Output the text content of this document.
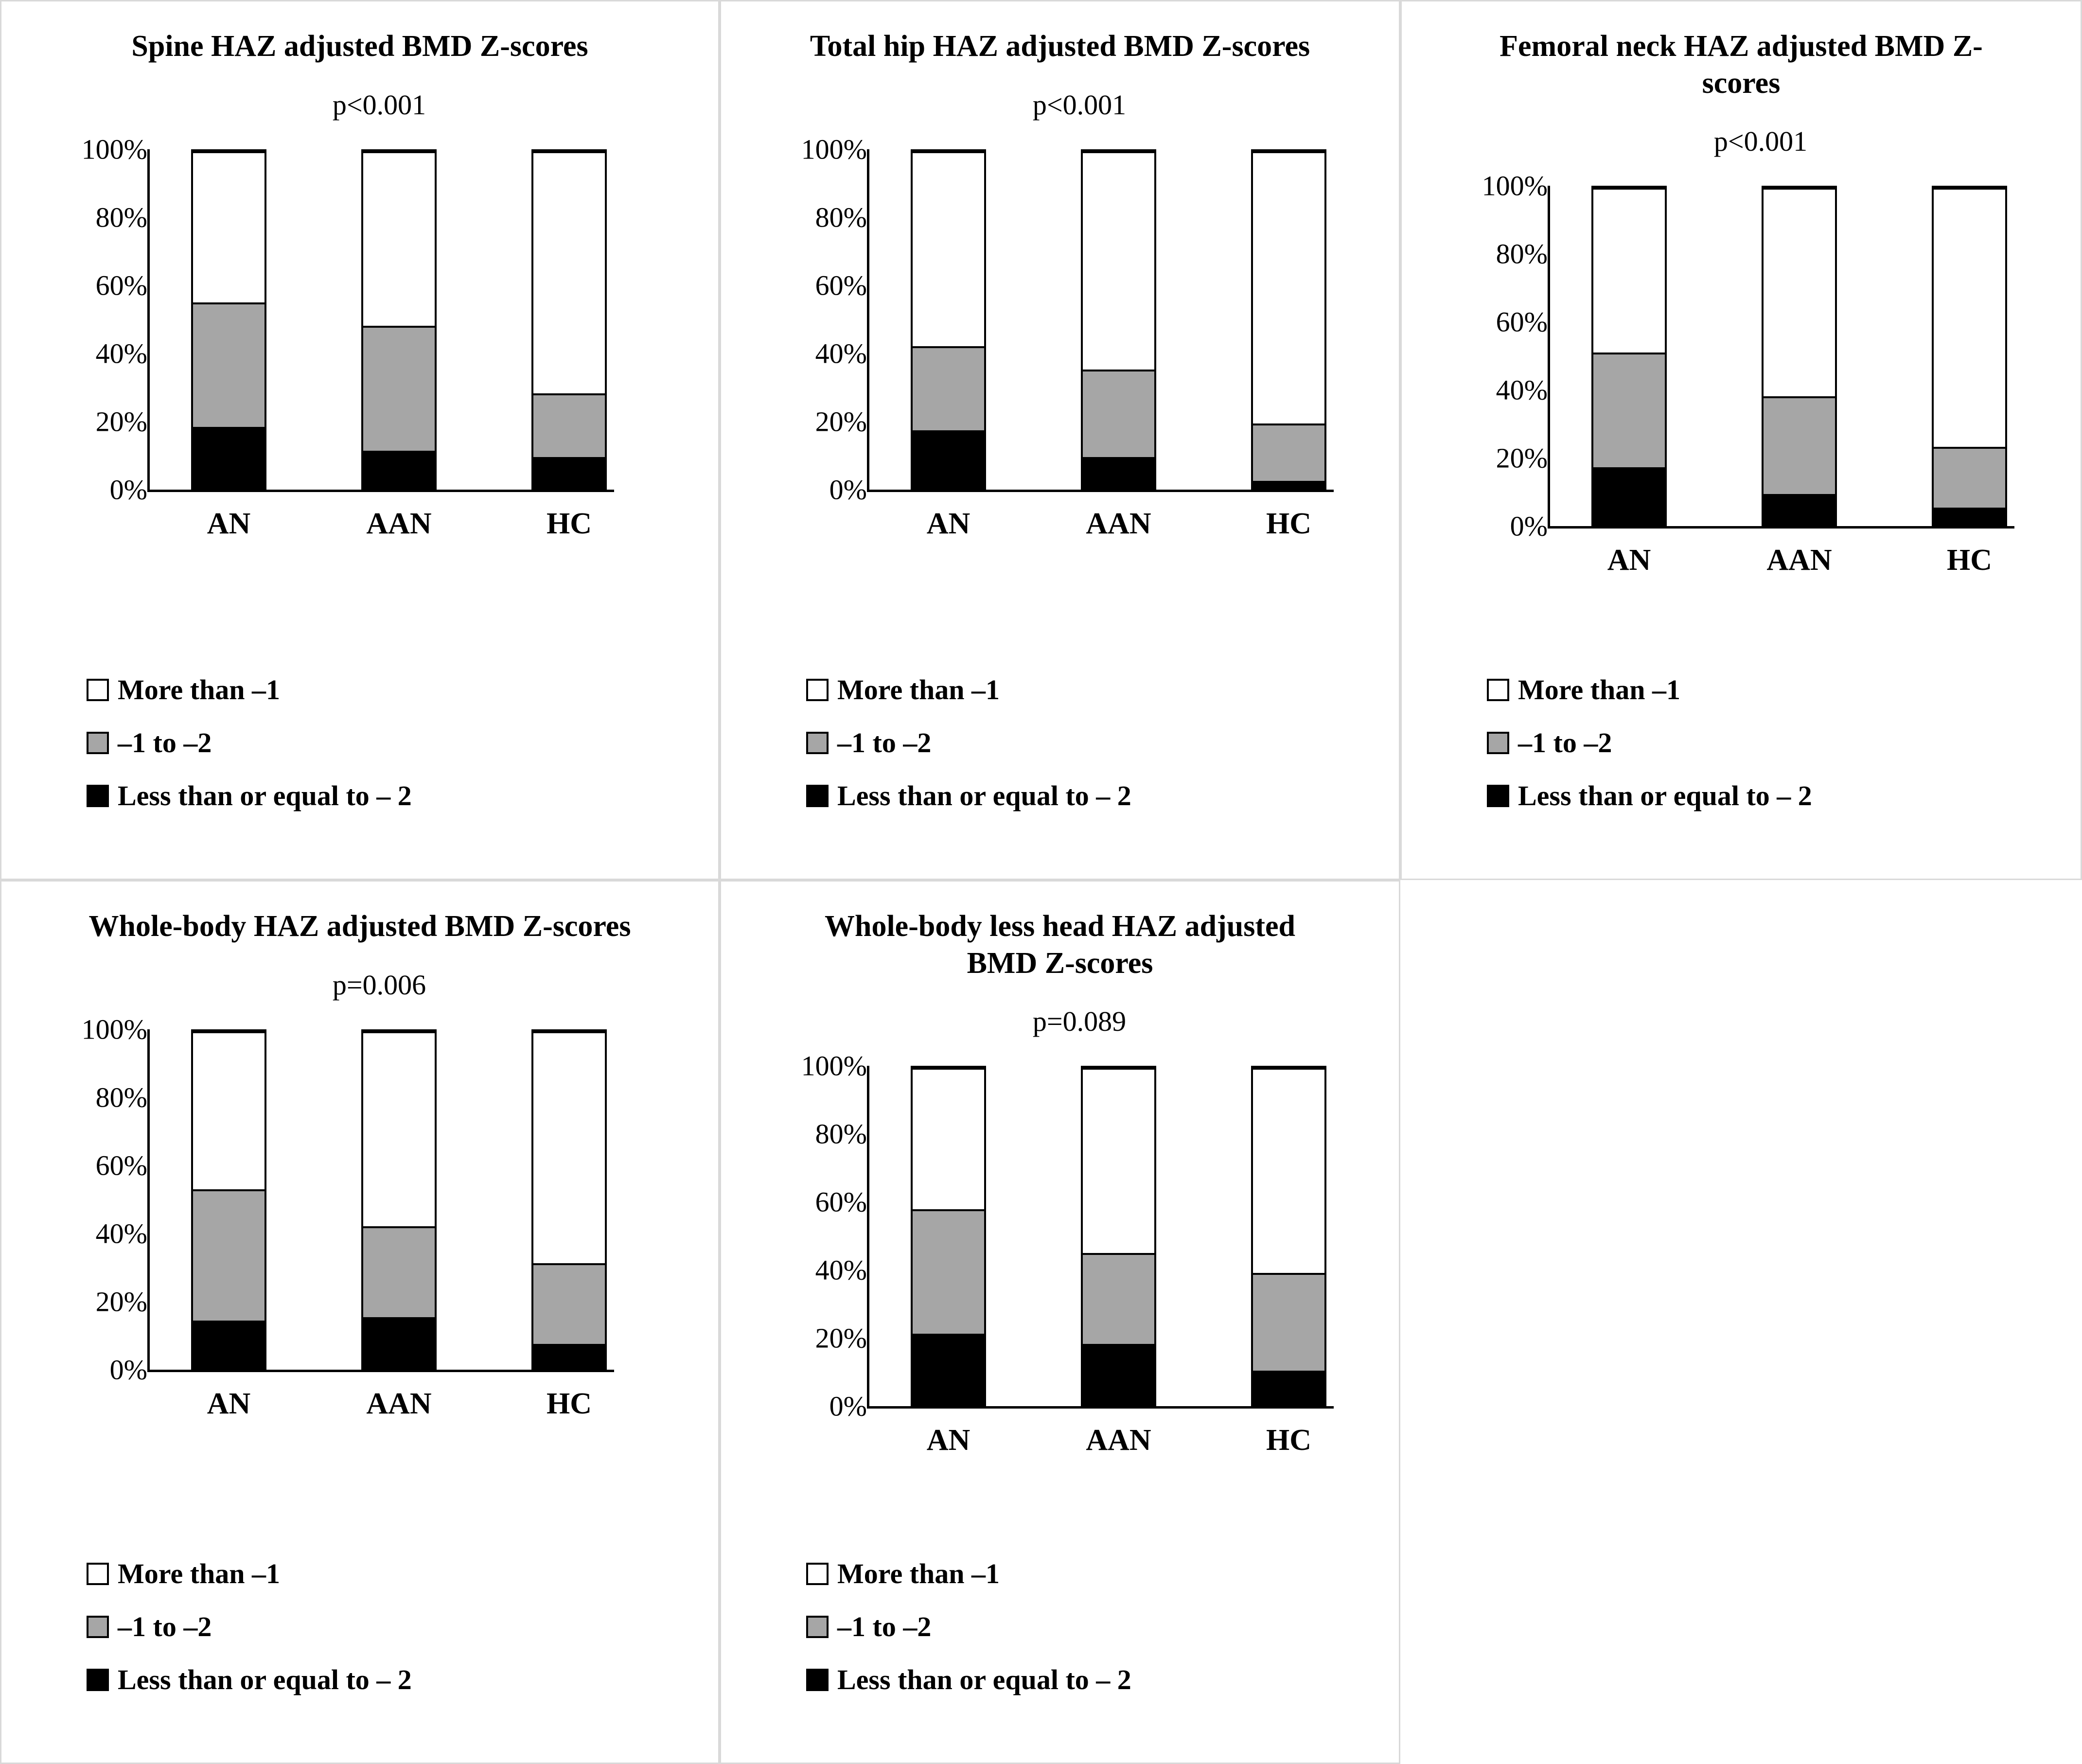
Spine HAZ adjusted BMD Z-scores
p<0.001
0%
20%
40%
60%
80%
100%
AN	AAN	HC
More than –1
–1 to –2
Less than or equal to – 2
Total hip HAZ adjusted BMD Z-scores
p<0.001
0%
20%
40%
60%
80%
100%
AN	AAN	HC
More than –1
–1 to –2
Less than or equal to – 2
Femoral neck HAZ adjusted BMD Z-scores
p<0.001
0%
20%
40%
60%
80%
100%
AN	AAN	HC
More than –1
–1 to –2
Less than or equal to – 2
Whole-body HAZ adjusted BMD Z-scores
p=0.006
0%
20%
40%
60%
80%
100%
AN	AAN	HC
More than –1
–1 to –2
Less than or equal to – 2
Whole-body less head HAZ adjusted BMD Z-scores
p=0.089
0%
20%
40%
60%
80%
100%
AN	AAN	HC
More than –1
–1 to –2
Less than or equal to – 2
